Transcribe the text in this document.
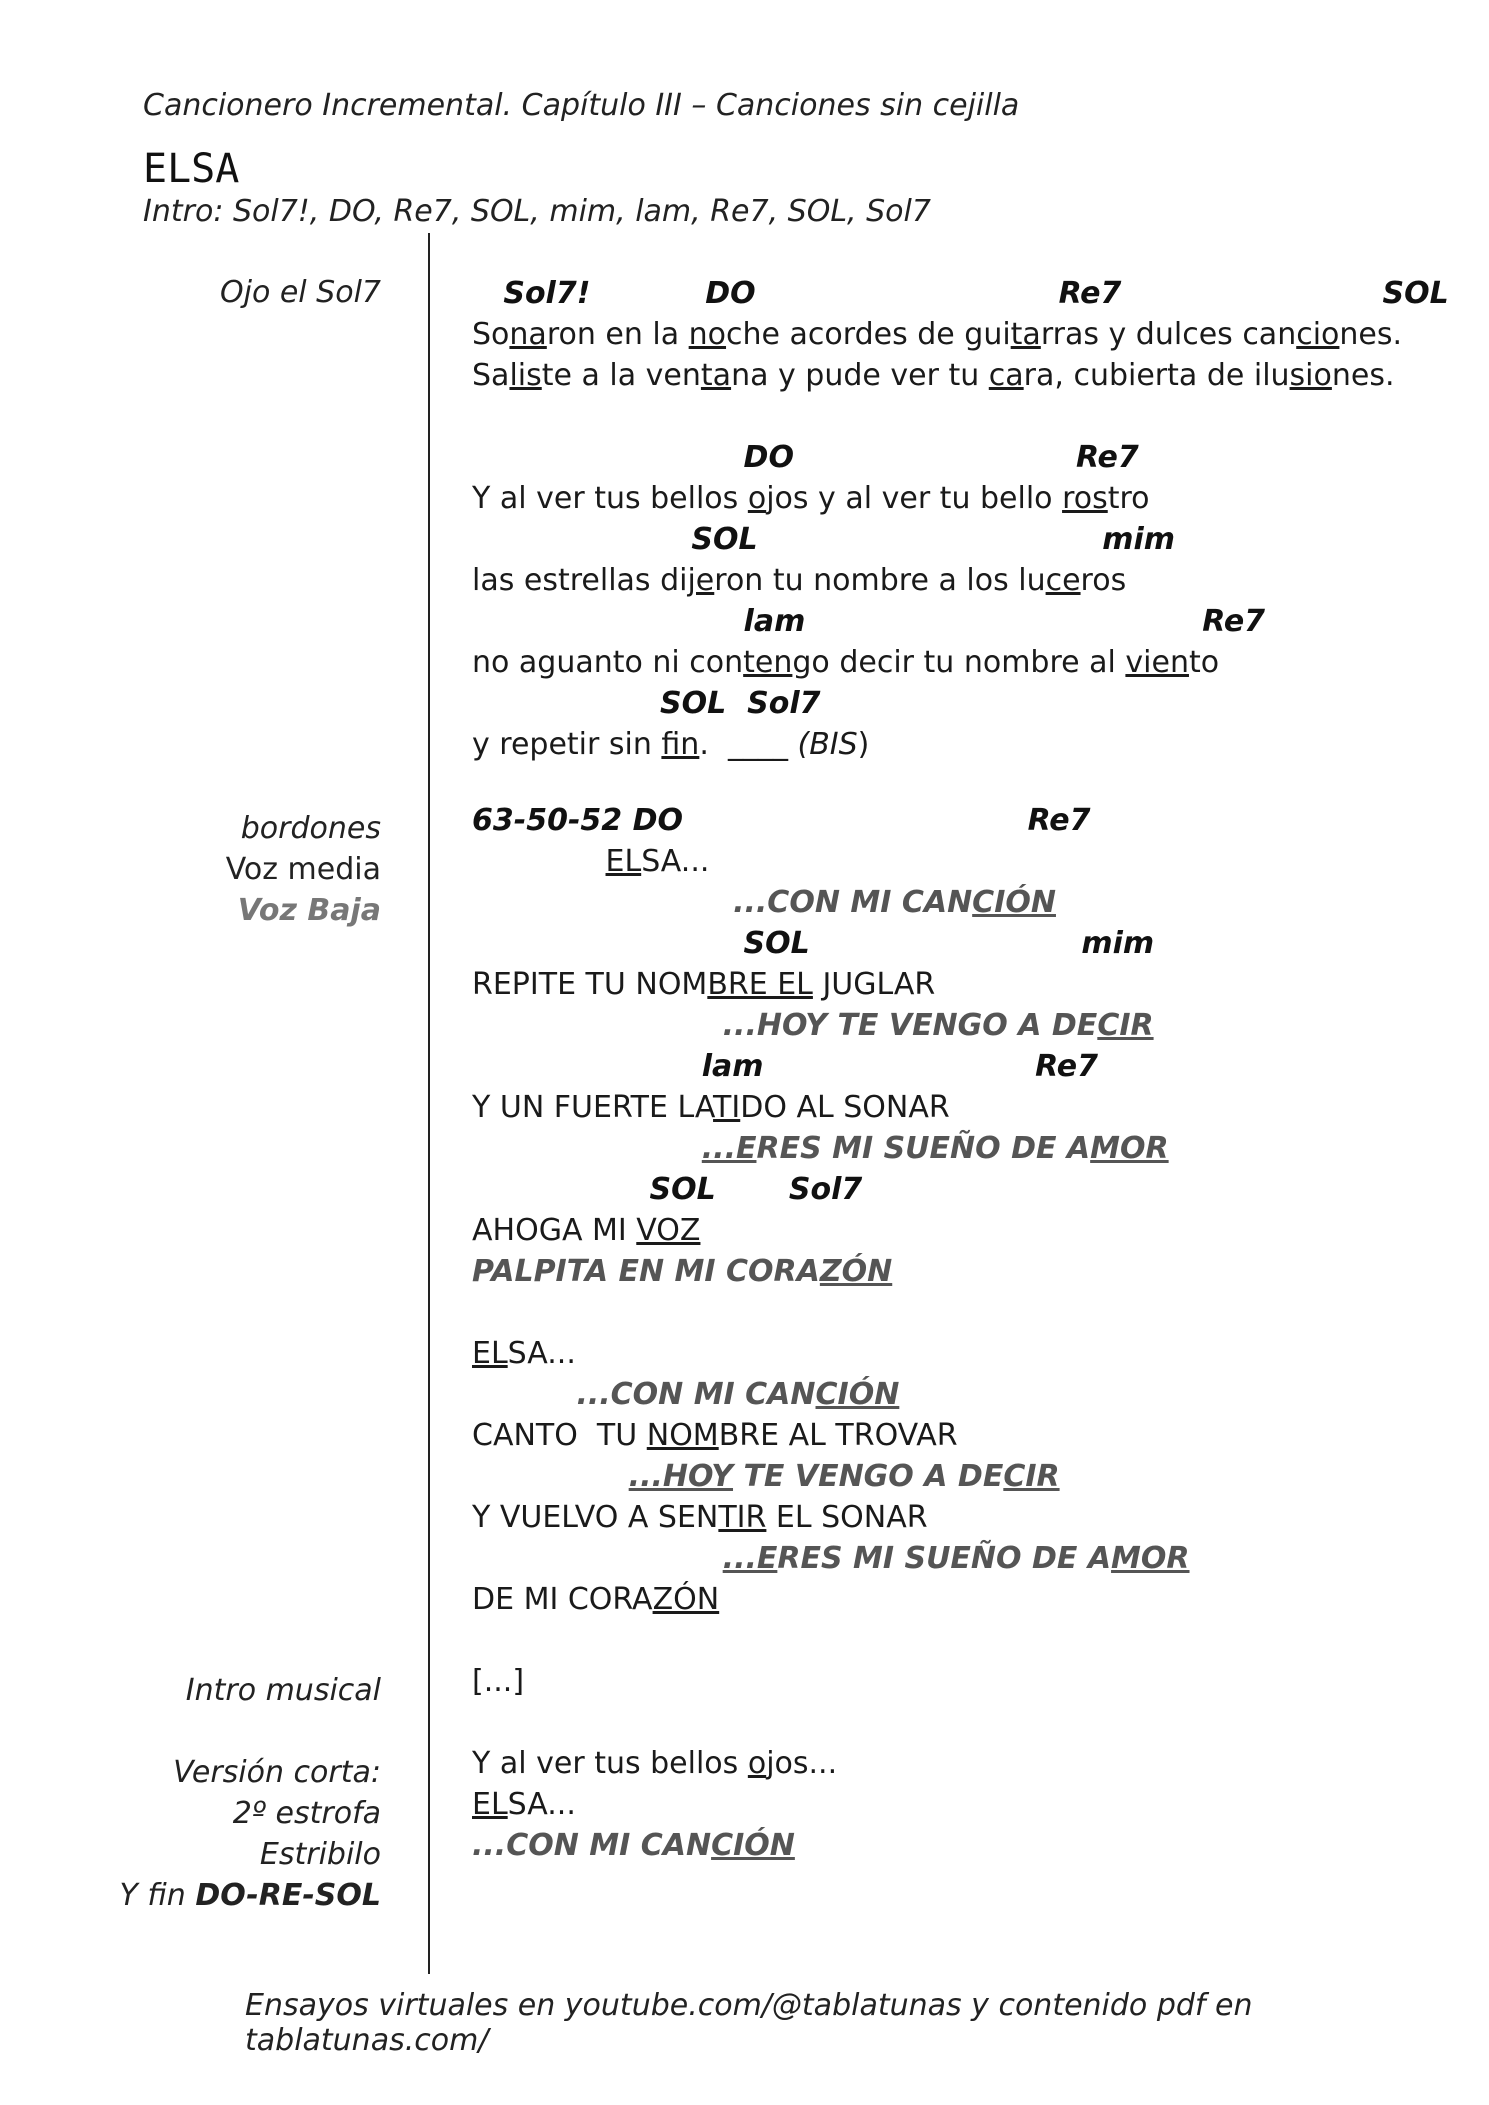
Cancionero Incremental. Capítulo III – Canciones sin cejilla
ELSA
Intro: Sol7!, DO, Re7, SOL, mim, lam, Re7, SOL, Sol7
Ojo el Sol7
bordones
Voz media
Voz Baja
Intro musical
Versión corta:
2º estrofa
Estribilo
Y fin DO-RE-SOL
Sol7!           DO                             Re7                         SOL
Sonaron en la noche acordes de guitarras y dulces canciones.
Saliste a la ventana y pude ver tu cara, cubierta de ilusiones.
DO                           Re7
Y al ver tus bellos ojos y al ver tu bello rostro
SOL                                 mim
las estrellas dijeron tu nombre a los luceros
lam                                      Re7
no aguanto ni contengo decir tu nombre al viento
SOL  Sol7
y repetir sin fin.  ____ (BIS)
63-50-52 DO                                 Re7
ELSA...
...CON MI CANCIÓN
SOL                          mim
REPITE TU NOMBRE EL JUGLAR
...HOY TE VENGO A DECIR
lam                          Re7
Y UN FUERTE LATIDO AL SONAR
...ERES MI SUEÑO DE AMOR
SOL       Sol7
AHOGA MI VOZ
PALPITA EN MI CORAZÓN
ELSA...
...CON MI CANCIÓN
CANTO  TU NOMBRE AL TROVAR
...HOY TE VENGO A DECIR
Y VUELVO A SENTIR EL SONAR
...ERES MI SUEÑO DE AMOR
DE MI CORAZÓN
[...]
Y al ver tus bellos ojos...
ELSA...
...CON MI CANCIÓN
Ensayos virtuales en youtube.com/@tablatunas y contenido pdf en tablatunas.com/
